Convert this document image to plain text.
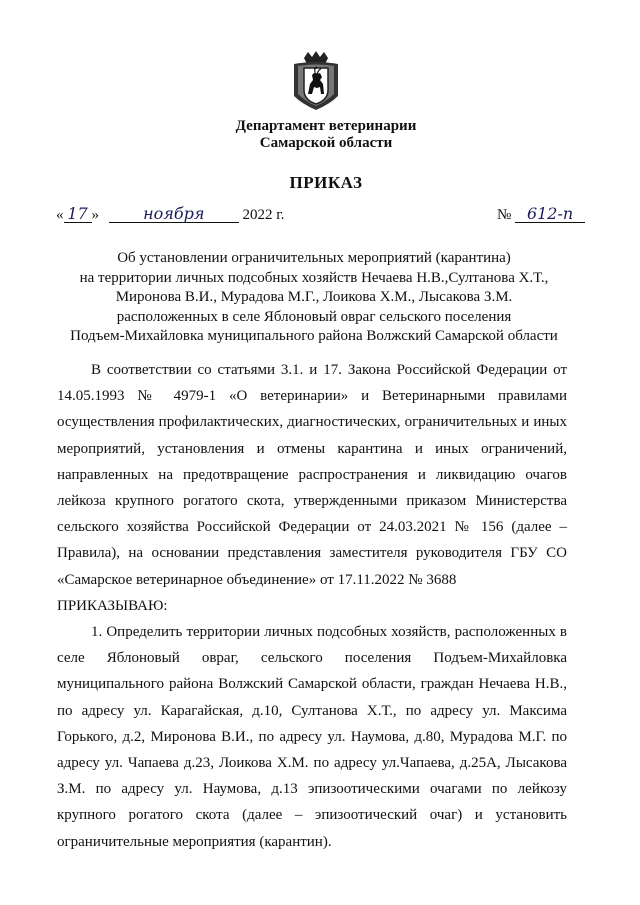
Департамент ветеринарии
Самарской области
ПРИКАЗ
« 17 »	ноября	2022 г.	№ 612-п
Об установлении ограничительных мероприятий (карантина)
на территории личных подсобных хозяйств Нечаева Н.В.,Султанова Х.Т.,
Миронова В.И., Мурадова М.Г., Лоикова Х.М., Лысакова З.М.
расположенных в селе Яблоновый овраг сельского поселения
Подъем-Михайловка муниципального района Волжский Самарской области
В соответствии со статьями 3.1. и 17. Закона Российской Федерации от 14.05.1993 № 4979-1 «О ветеринарии» и Ветеринарными правилами осуществления профилактических, диагностических, ограничительных и иных мероприятий, установления и отмены карантина и иных ограничений, направленных на предотвращение распространения и ликвидацию очагов лейкоза крупного рогатого скота, утвержденными приказом Министерства сельского хозяйства Российской Федерации от 24.03.2021 № 156 (далее – Правила), на основании представления заместителя руководителя ГБУ СО «Самарское ветеринарное объединение» от 17.11.2022 № 3688
ПРИКАЗЫВАЮ:
1. Определить территории личных подсобных хозяйств, расположенных в селе Яблоновый овраг, сельского поселения Подъем-Михайловка муниципального района Волжский Самарской области, граждан Нечаева Н.В., по адресу ул. Карагайская, д.10, Султанова Х.Т., по адресу ул. Максима Горького, д.2, Миронова В.И., по адресу ул. Наумова, д.80, Мурадова М.Г. по адресу ул. Чапаева д.23, Лоикова Х.М. по адресу ул.Чапаева, д.25А, Лысакова З.М. по адресу ул. Наумова, д.13 эпизоотическими очагами по лейкозу крупного рогатого скота (далее – эпизоотический очаг) и установить ограничительные мероприятия (карантин).
